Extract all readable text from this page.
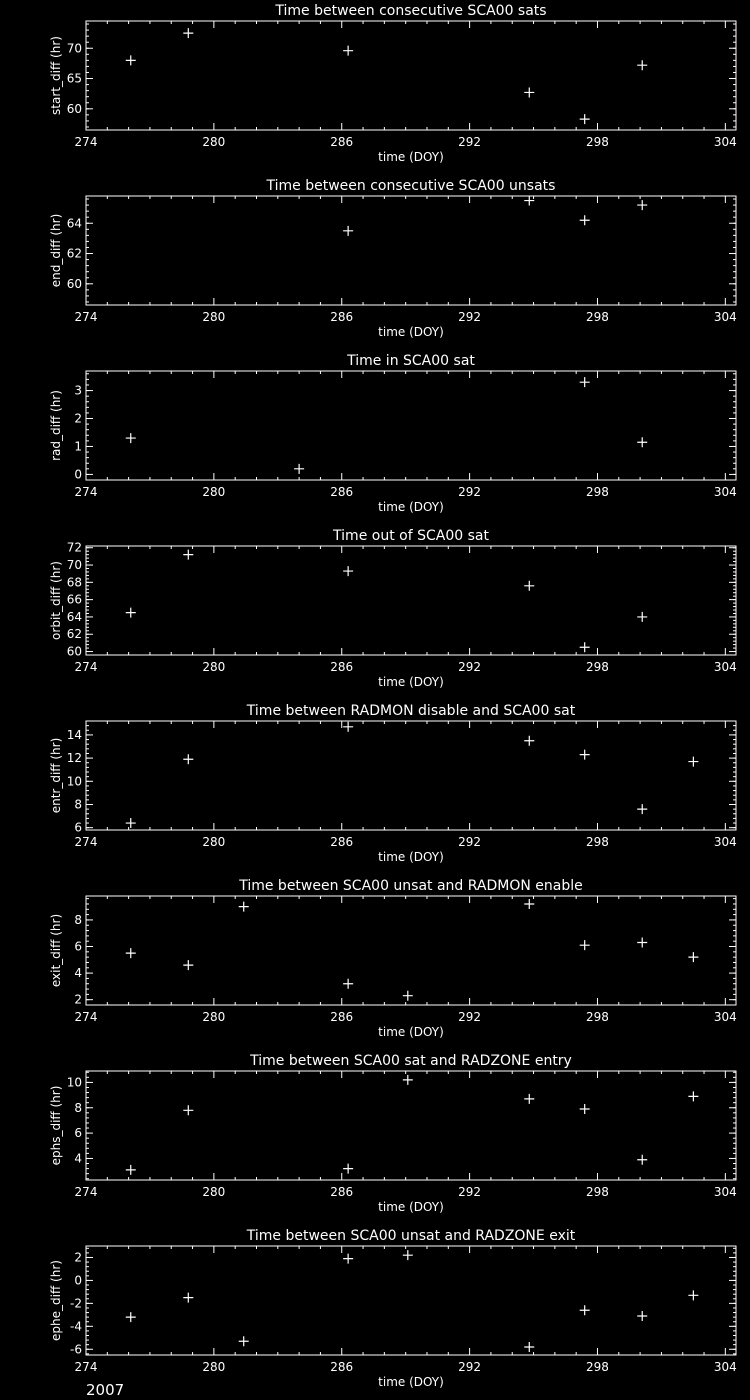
Time between consecutive SCA00 sats
274	280	286	292	298	304
60
65
70
time (DOY)
start_diff (hr)
Time between consecutive SCA00 unsats
274	280	286	292	298	304
60
62
64
time (DOY)
end_diff (hr)
Time in SCA00 sat
274	280	286	292	298	304
0
1
2
3
time (DOY)
rad_diff (hr)
Time out of SCA00 sat
274	280	286	292	298	304
60
62
64
66
68
70
72
time (DOY)
orbit_diff (hr)
Time between RADMON disable and SCA00 sat
274	280	286	292	298	304
6
8
10
12
14
time (DOY)
entr_diff (hr)
Time between SCA00 unsat and RADMON enable
274	280	286	292	298	304
2
4
6
8
time (DOY)
exit_diff (hr)
Time between SCA00 sat and RADZONE entry
274	280	286	292	298	304
4
6
8
10
time (DOY)
ephs_diff (hr)
Time between SCA00 unsat and RADZONE exit
274	280	286	292	298	304
-6
-4
-2
0
2
time (DOY)
ephe_diff (hr)
2007
